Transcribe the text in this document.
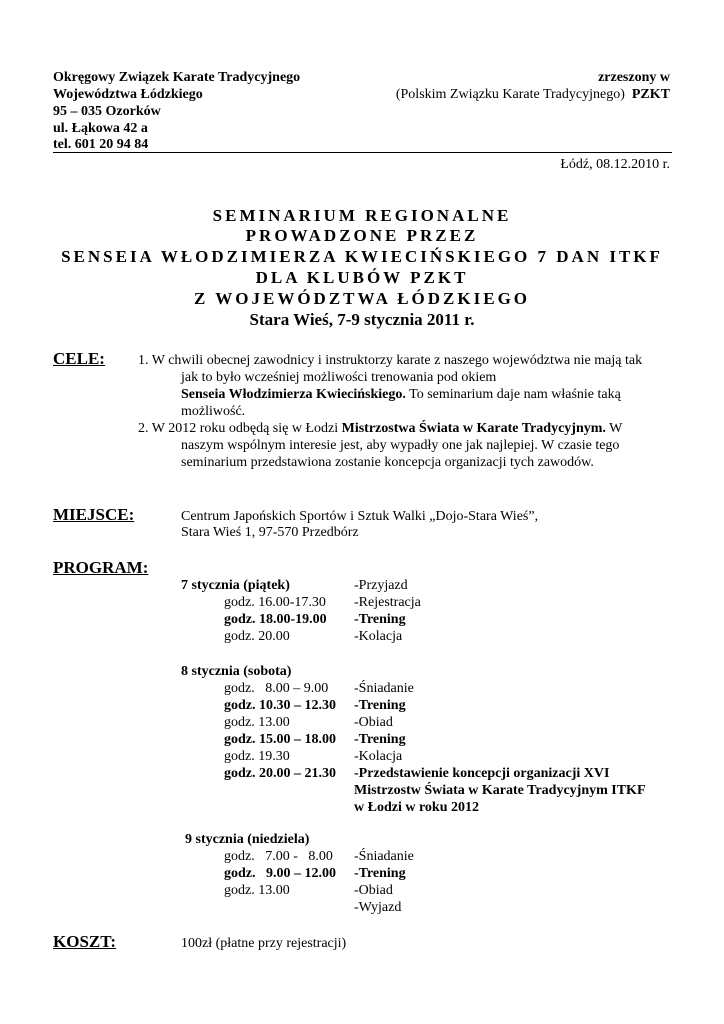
Okręgowy Związek Karate Tradycyjnego
Województwa Łódzkiego
95 – 035 Ozorków
ul. Łąkowa 42 a
tel. 601 20 94 84
zrzeszony w
(Polskim Związku Karate Tradycyjnego) PZKT
Łódź, 08.12.2010 r.
SEMINARIUM REGIONALNE
PROWADZONE PRZEZ
SENSEIA WŁODZIMIERZA KWIECIŃSKIEGO 7 DAN ITKF
DLA KLUBÓW PZKT
Z WOJEWÓDZTWA ŁÓDZKIEGO
Stara Wieś, 7-9 stycznia 2011 r.
CELE: 1. W chwili obecnej zawodnicy i instruktorzy karate z naszego województwa nie mają tak
jak to było wcześniej możliwości trenowania pod okiem
Senseia Włodzimierza Kwiecińskiego. To seminarium daje nam właśnie taką
możliwość.
2. W 2012 roku odbędą się w Łodzi Mistrzostwa Świata w Karate Tradycyjnym. W
naszym wspólnym interesie jest, aby wypadły one jak najlepiej. W czasie tego
seminarium przedstawiona zostanie koncepcja organizacji tych zawodów.
MIEJSCE:	Centrum Japońskich Sportów i Sztuk Walki „Dojo-Stara Wieś”,
Stara Wieś 1, 97-570 Przedbórz
PROGRAM:
7 stycznia (piątek)	-Przyjazd
godz. 16.00-17.30 -Rejestracja
godz. 18.00-19.00 -Trening
godz. 20.00	-Kolacja
8 stycznia (sobota)
godz.   8.00 – 9.00 -Śniadanie
godz. 10.30 – 12.30 -Trening
godz. 13.00	-Obiad
godz. 15.00 – 18.00 -Trening
godz. 19.30	-Kolacja
godz. 20.00 – 21.30 -Przedstawienie koncepcji organizacji XVI
Mistrzostw Świata w Karate Tradycyjnym ITKF
w Łodzi w roku 2012
9 stycznia (niedziela)
godz.   7.00 -   8.00 -Śniadanie
godz.   9.00 – 12.00 -Trening
godz. 13.00	-Obiad
-Wyjazd
KOSZT:	100zł (płatne przy rejestracji)
